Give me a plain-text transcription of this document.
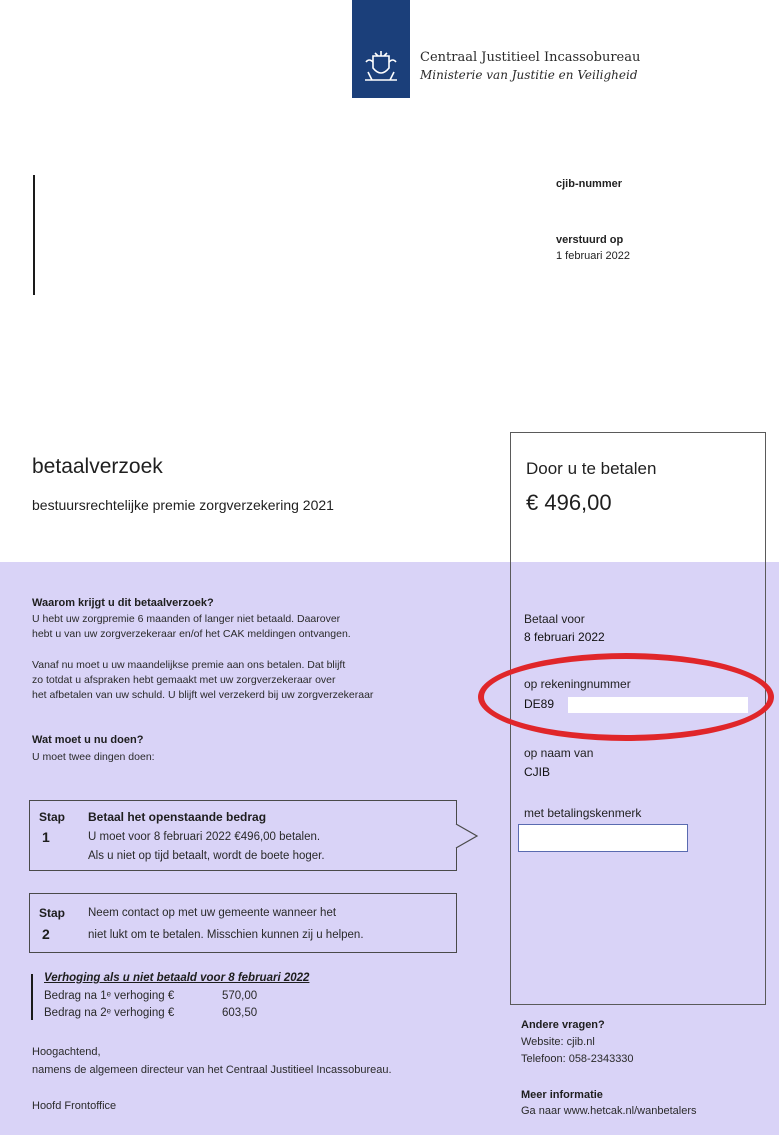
Centraal Justitieel Incassobureau
Ministerie van Justitie en Veiligheid
cjib-nummer
verstuurd op
1 februari 2022
betaalverzoek
bestuursrechtelijke premie zorgverzekering 2021
Door u te betalen
€ 496,00
Betaal voor
8 februari 2022
op rekeningnummer
DE89
op naam van
CJIB
met betalingskenmerk
Waarom krijgt u dit betaalverzoek?
U hebt uw zorgpremie 6 maanden of langer niet betaald. Daarover
hebt u van uw zorgverzekeraar en/of het CAK meldingen ontvangen.
Vanaf nu moet u uw maandelijkse premie aan ons betalen. Dat blijft
zo totdat u afspraken hebt gemaakt met uw zorgverzekeraar over
het afbetalen van uw schuld. U blijft wel verzekerd bij uw zorgverzekeraar
Wat moet u nu doen?
U moet twee dingen doen:
Stap
1
Betaal het openstaande bedrag
U moet voor 8 februari 2022 €496,00 betalen.
Als u niet op tijd betaalt, wordt de boete hoger.
Stap
2
Neem contact op met uw gemeente wanneer het
niet lukt om te betalen. Misschien kunnen zij u helpen.
Verhoging als u niet betaald voor 8 februari 2022
Bedrag na 1ᵉ verhoging €	570,00
Bedrag na 2ᵉ verhoging €	603,50
Hoogachtend,
namens de algemeen directeur van het Centraal Justitieel Incassobureau.
Hoofd Frontoffice
Andere vragen?
Website: cjib.nl
Telefoon: 058-2343330
Meer informatie
Ga naar www.hetcak.nl/wanbetalers
